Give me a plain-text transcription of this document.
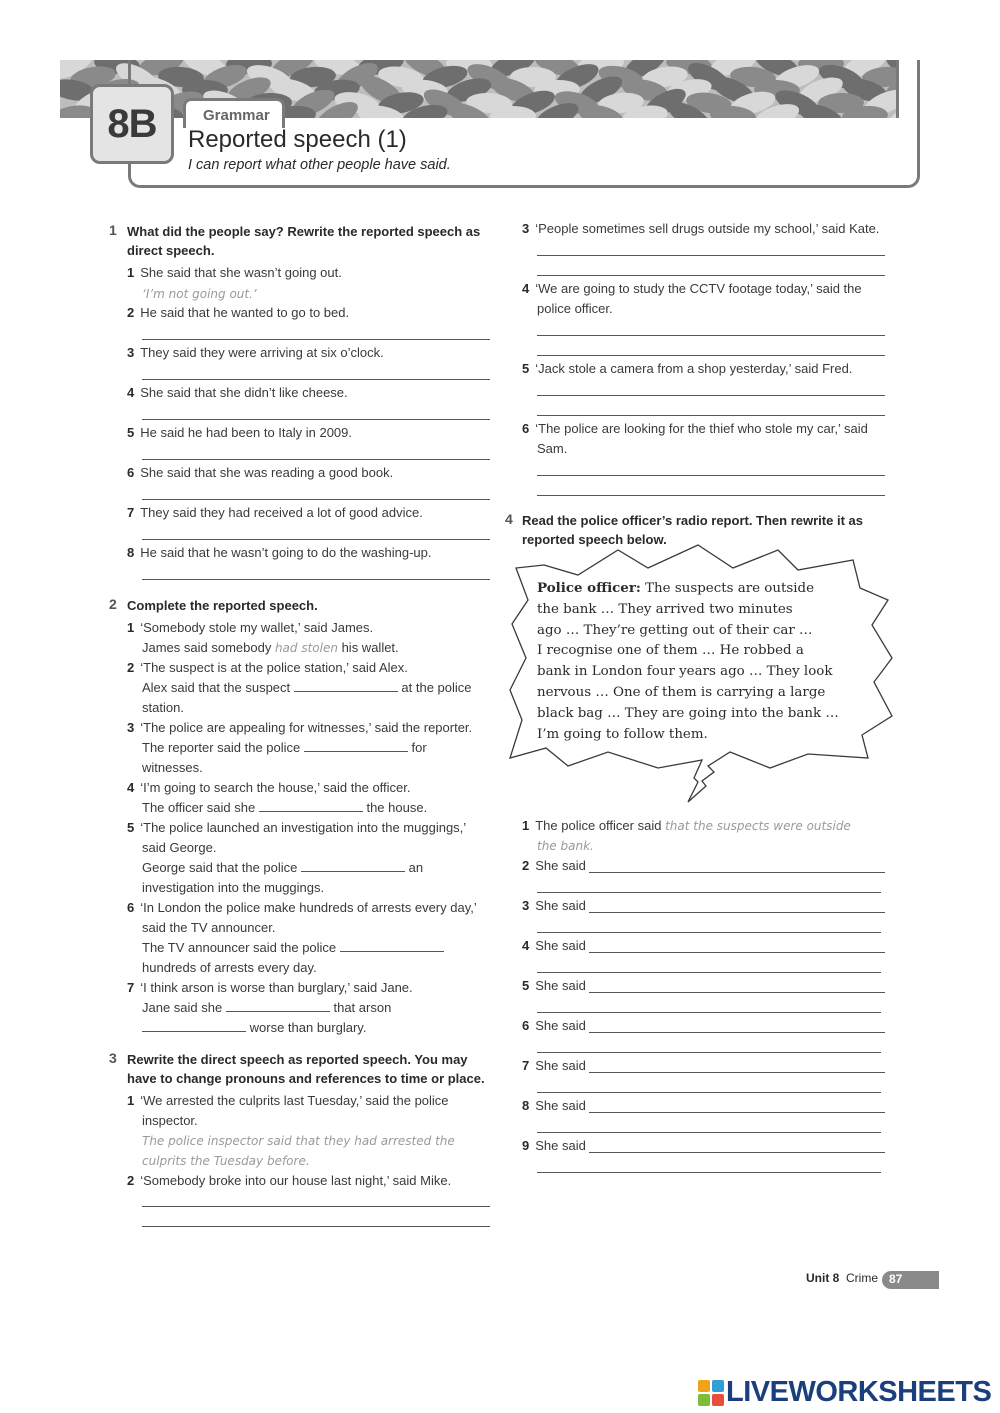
8B	Grammar
Reported speech (1)
I can report what other people have said.
1 What did the people say? Rewrite the reported speech as direct speech.
1 She said that she wasn’t going out.
‘I’m not going out.’
2 He said that he wanted to go to bed.
3 They said they were arriving at six o’clock.
4 She said that she didn’t like cheese.
5 He said he had been to Italy in 2009.
6 She said that she was reading a good book.
7 They said they had received a lot of good advice.
8 He said that he wasn’t going to do the washing-up.
2 Complete the reported speech.
1 ‘Somebody stole my wallet,’ said James.
James said somebody had stolen his wallet.
2 ‘The suspect is at the police station,’ said Alex.
Alex said that the suspect	at the police
station.
3 ‘The police are appealing for witnesses,’ said the reporter.
The reporter said the police	for
witnesses.
4 ‘I’m going to search the house,’ said the officer.
The officer said she	the house.
5 ‘The police launched an investigation into the muggings,’
said George.
George said that the police	an
investigation into the muggings.
6 ‘In London the police make hundreds of arrests every day,’
said the TV announcer.
The TV announcer said the police
hundreds of arrests every day.
7 ‘I think arson is worse than burglary,’ said Jane.
Jane said she	that arson
worse than burglary.
3 Rewrite the direct speech as reported speech. You may have to change pronouns and references to time or place.
1 ‘We arrested the culprits last Tuesday,’ said the police
inspector.
The police inspector said that they had arrested the
culprits the Tuesday before.
2 ‘Somebody broke into our house last night,’ said Mike.
3 ‘People sometimes sell drugs outside my school,’ said Kate.
4 ‘We are going to study the CCTV footage today,’ said the
police officer.
5 ‘Jack stole a camera from a shop yesterday,’ said Fred.
6 ‘The police are looking for the thief who stole my car,’ said
Sam.
4 Read the police officer’s radio report. Then rewrite it as reported speech below.
Police officer: The suspects are outside
the bank … They arrived two minutes
ago … They’re getting out of their car …
I recognise one of them … He robbed a
bank in London four years ago … They look
nervous … One of them is carrying a large
black bag … They are going into the bank …
I’m going to follow them.
1 The police officer said that the suspects were outside
the bank.
2 She said
3 She said
4 She said
5 She said
6 She said
7 She said
8 She said
9 She said
Unit 8 Crime 87
LIVEWORKSHEETS
